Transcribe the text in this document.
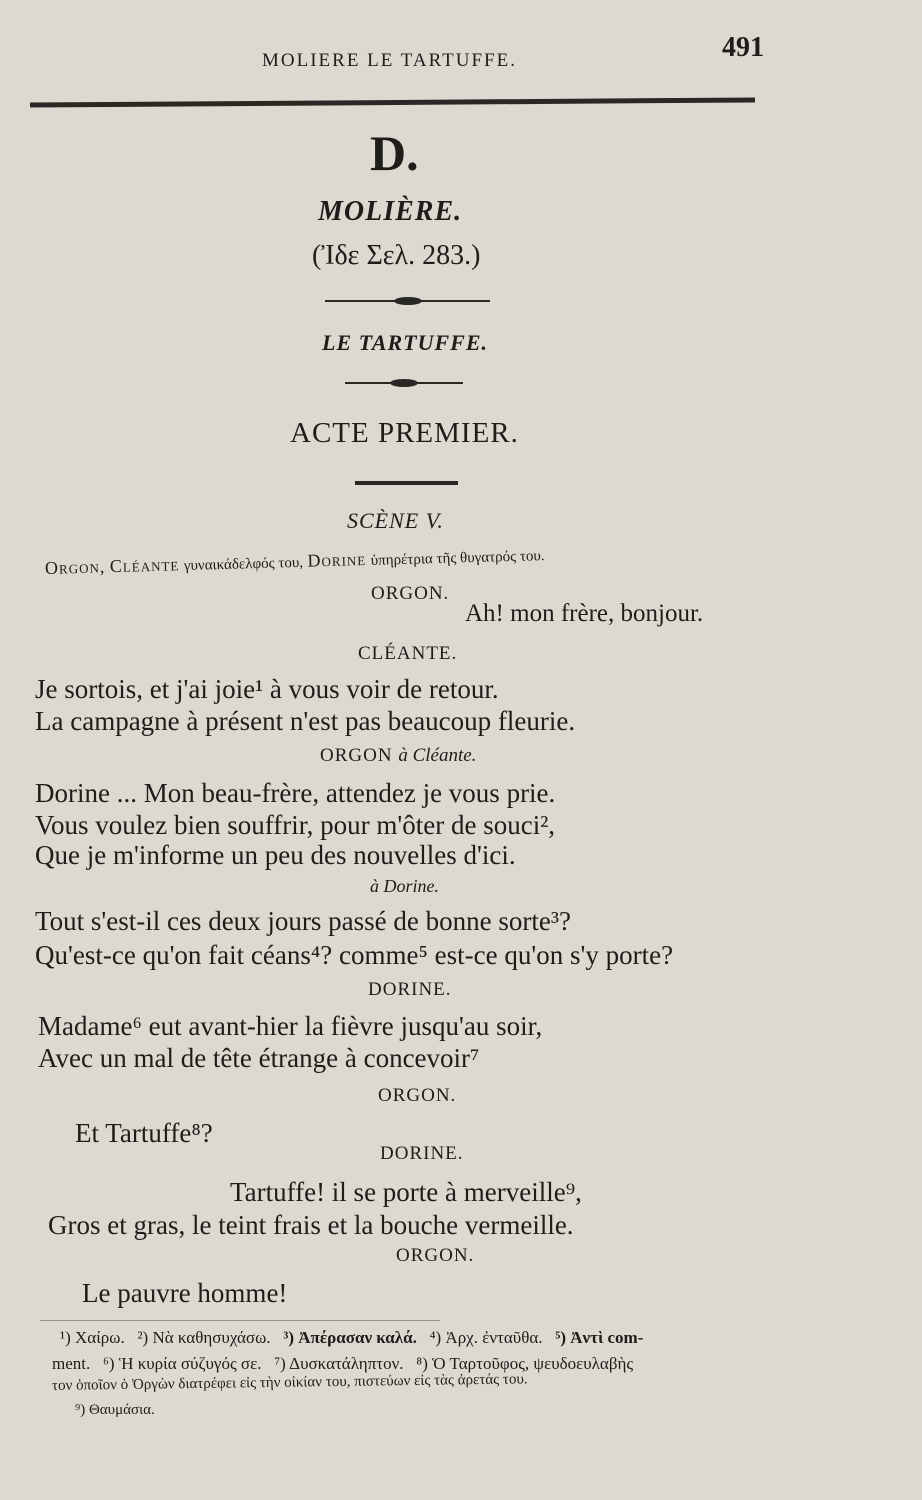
MOLIERE LE TARTUFFE.	491
D.
MOLIÈRE.
(Ἰδε Σελ. 283.)
LE TARTUFFE.
ACTE PREMIER.
SCÈNE V.
Orgon, Cléante γυναικάδελφός του, Dorine ὑπηρέτρια τῆς θυγατρός του.
ORGON.
Ah! mon frère, bonjour.
CLÉANTE.
Je sortois, et j'ai joie¹ à vous voir de retour.
La campagne à présent n'est pas beaucoup fleurie.
ORGON à Cléante.
Dorine ... Mon beau-frère, attendez je vous prie.
Vous voulez bien souffrir, pour m'ôter de souci²,
Que je m'informe un peu des nouvelles d'ici.
à Dorine.
Tout s'est-il ces deux jours passé de bonne sorte³?
Qu'est-ce qu'on fait céans⁴? comme⁵ est-ce qu'on s'y porte?
DORINE.
Madame⁶ eut avant-hier la fièvre jusqu'au soir,
Avec un mal de tête étrange à concevoir⁷
ORGON.
Et Tartuffe⁸?
DORINE.
Tartuffe! il se porte à merveille⁹,
Gros et gras, le teint frais et la bouche vermeille.
ORGON.
Le pauvre homme!
¹) Χαίρω. ²) Νὰ καθησυχάσω. ³) Ἀπέρασαν καλά. ⁴) Ἀρχ. ἐνταῦθα. ⁵) Ἀντὶ com-
ment. ⁶) Ἡ κυρία σύζυγός σε. ⁷) Δυσκατάληπτον. ⁸) Ὁ Ταρτοῦφος, ψευδοευλαβὴς
τον ὁποῖον ὁ Ὀργὼν διατρέφει εἰς τὴν οἰκίαν του, πιστεύων εἰς τὰς ἀρετάς του.
⁹) Θαυμάσια.
